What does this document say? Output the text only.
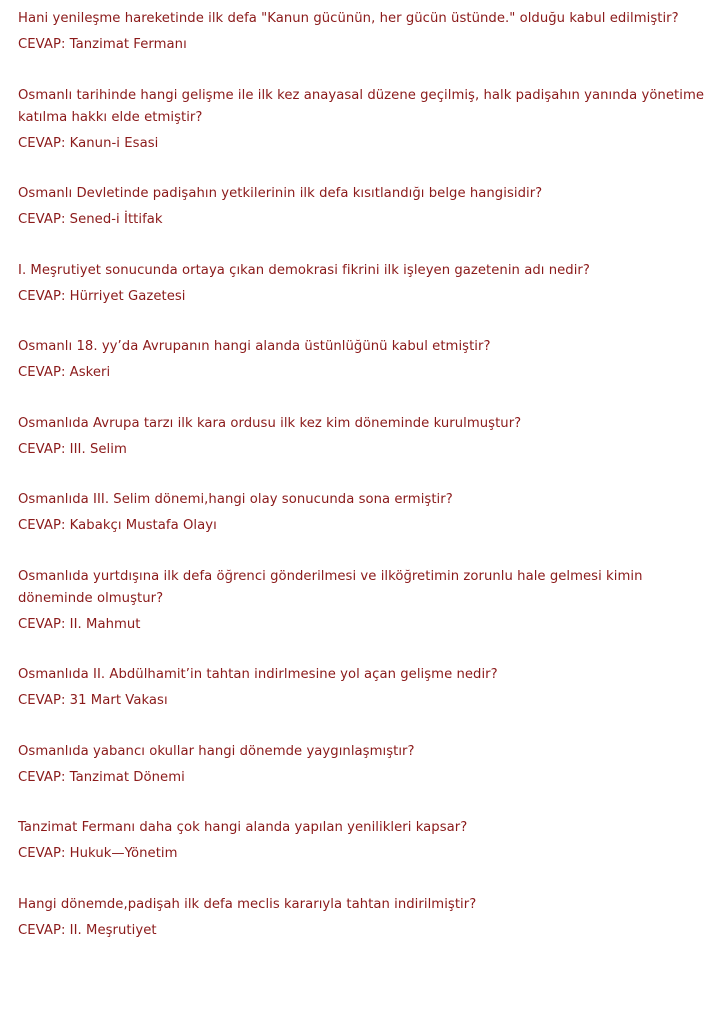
Hani yenileşme hareketinde ilk defa "Kanun gücünün, her gücün üstünde." olduğu kabul edilmiştir?

CEVAP: Tanzimat Fermanı

Osmanlı tarihinde hangi gelişme ile ilk kez anayasal düzene geçilmiş, halk padişahın yanında yönetime katılma hakkı elde etmiştir?

CEVAP: Kanun-i Esasi

Osmanlı Devletinde padişahın yetkilerinin ilk defa kısıtlandığı belge hangisidir?

CEVAP: Sened-i İttifak

I. Meşrutiyet sonucunda ortaya çıkan demokrasi fikrini ilk işleyen gazetenin adı nedir?

CEVAP: Hürriyet Gazetesi

Osmanlı 18. yy’da Avrupanın hangi alanda üstünlüğünü kabul etmiştir?

CEVAP: Askeri

Osmanlıda Avrupa tarzı ilk kara ordusu ilk kez kim döneminde kurulmuştur?

CEVAP: III. Selim

Osmanlıda III. Selim dönemi,hangi olay sonucunda sona ermiştir?

CEVAP: Kabakçı Mustafa Olayı

Osmanlıda yurtdışına ilk defa öğrenci gönderilmesi ve ilköğretimin zorunlu hale gelmesi kimin döneminde olmuştur?

CEVAP: II. Mahmut

Osmanlıda II. Abdülhamit’in tahtan indirlmesine yol açan gelişme nedir?

CEVAP: 31 Mart Vakası

Osmanlıda yabancı okullar hangi dönemde yaygınlaşmıştır?

CEVAP: Tanzimat Dönemi

Tanzimat Fermanı daha çok hangi alanda yapılan yenilikleri kapsar?

CEVAP: Hukuk—Yönetim

Hangi dönemde,padişah ilk defa meclis kararıyla tahtan indirilmiştir?

CEVAP: II. Meşrutiyet
